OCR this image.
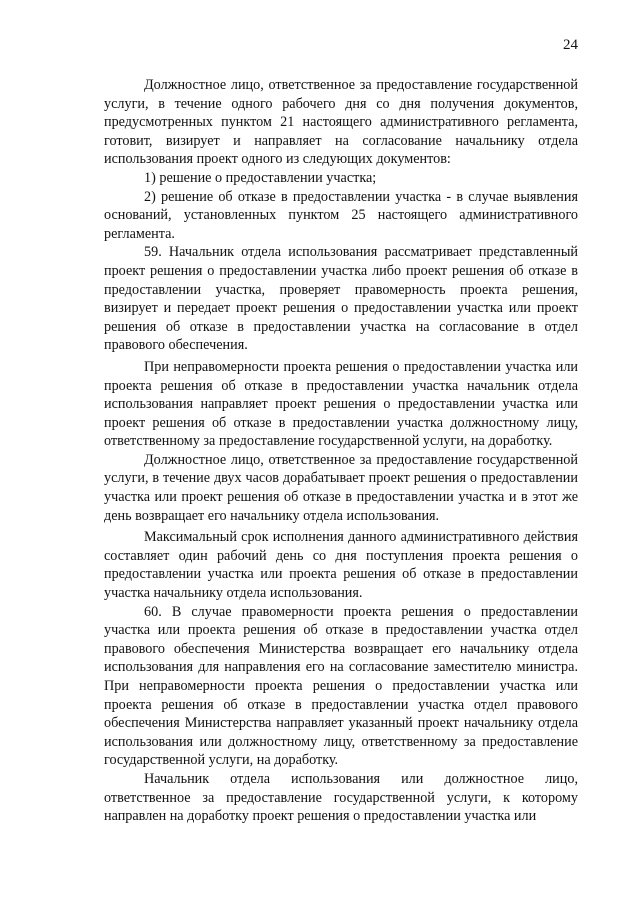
24

Должностное лицо, ответственное за предоставление государственной услуги, в течение одного рабочего дня со дня получения документов, предусмотренных пунктом 21 настоящего административного регламента, готовит, визирует и направляет на согласование начальнику отдела использования проект одного из следующих документов:

1) решение о предоставлении участка;

2) решение об отказе в предоставлении участка - в случае выявления оснований, установленных пунктом 25 настоящего административного регламента.

59. Начальник отдела использования рассматривает представленный проект решения о предоставлении участка либо проект решения об отказе в предоставлении участка, проверяет правомерность проекта решения, визирует и передает проект решения о предоставлении участка или проект решения об отказе в предоставлении участка на согласование в отдел правового обеспечения.

При неправомерности проекта решения о предоставлении участка или проекта решения об отказе в предоставлении участка начальник отдела использования направляет проект решения о предоставлении участка или проект решения об отказе в предоставлении участка должностному лицу, ответственному за предоставление государственной услуги, на доработку.

Должностное лицо, ответственное за предоставление государственной услуги, в течение двух часов дорабатывает проект решения о предоставлении участка или проект решения об отказе в предоставлении участка и в этот же день возвращает его начальнику отдела использования.

Максимальный срок исполнения данного административного действия составляет один рабочий день со дня поступления проекта решения о предоставлении участка или проекта решения об отказе в предоставлении участка начальнику отдела использования.

60. В случае правомерности проекта решения о предоставлении участка или проекта решения об отказе в предоставлении участка отдел правового обеспечения Министерства возвращает его начальнику отдела использования для направления его на согласование заместителю министра. При неправомерности проекта решения о предоставлении участка или проекта решения об отказе в предоставлении участка отдел правового обеспечения Министерства направляет указанный проект начальнику отдела использования или должностному лицу, ответственному за предоставление государственной услуги, на доработку.

Начальник отдела использования или должностное лицо, ответственное за предоставление государственной услуги, к которому направлен на доработку проект решения о предоставлении участка или
